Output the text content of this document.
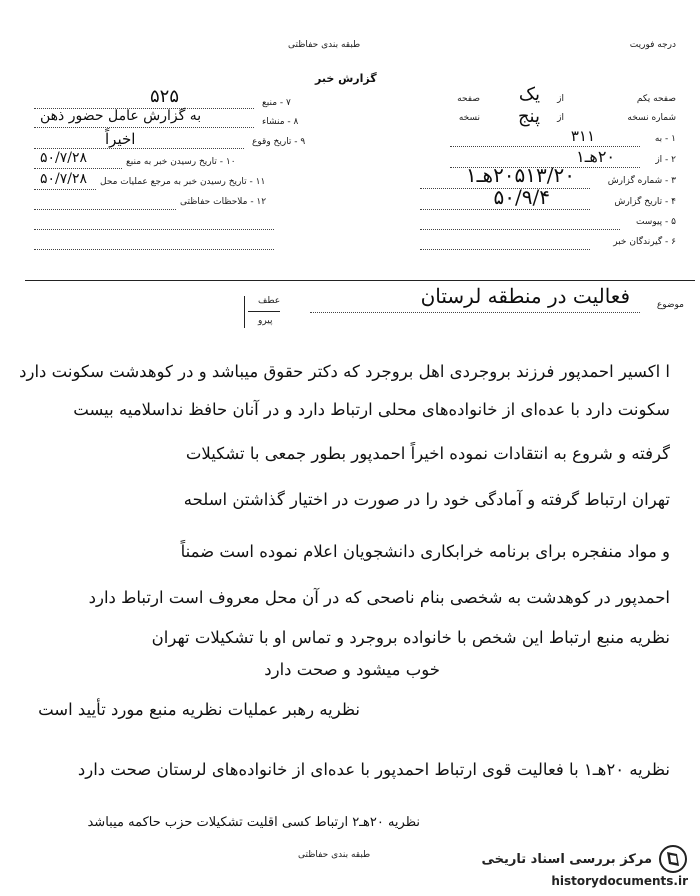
درجه فوریت
طبقه بندی حفاظتی
گزارش خبر
صفحه یکم
شماره نسخه
از
صفحه
از
نسخه
یک
پنج
۱ - به
۳۱۱
۲ - از
۲۰هـ۱
۳ - شماره گزارش
۲۰۵۱۳/۲۰هـ۱
۴ - تاریخ گزارش
۵۰/۹/۴
۵ - پیوست
۶ - گیرندگان خبر
۷ - منبع
۵۲۵
۸ - منشاء
به گزارش عامل حضور ذهن
۹ - تاریخ وقوع
اخیراً
۱۰ - تاریخ رسیدن خبر به منبع
۵۰/۷/۲۸
۱۱ - تاریخ رسیدن خبر به مرجع عملیات محل
۵۰/۷/۲۸
۱۲ - ملاحظات حفاظتی
موضوع
فعالیت در منطقه لرستان
عطف
پیرو
ا اکسیر احمدپور فرزند بروجردی اهل بروجرد که دکتر حقوق میباشد و در کوهدشت سکونت دارد
سکونت دارد با عده‌ای از خانواده‌های محلی ارتباط دارد و در آنان حافظ نداسلامیه بیست
گرفته و شروع به انتقادات نموده اخیراً احمدپور بطور جمعی با تشکیلات
تهران ارتباط گرفته و آمادگی خود را در صورت در اختیار گذاشتن اسلحه
و مواد منفجره برای برنامه خرابکاری دانشجویان اعلام نموده است ضمناً
احمدپور در کوهدشت به شخصی بنام ناصحی که در آن محل معروف است ارتباط دارد
نظریه منبع ارتباط این شخص با خانواده بروجرد و تماس او با تشکیلات تهران
خوب میشود و صحت دارد
نظریه رهبر عملیات نظریه منبع مورد تأیید است
نظریه ۲۰هـ۱ با فعالیت قوی ارتباط احمدپور با عده‌ای از خانواده‌های لرستان صحت دارد
نظریه ۲۰هـ۲ ارتباط کسی اقلیت تشکیلات حزب حاکمه میباشد
طبقه بندی حفاظتی	مرکز بررسی اسناد تاریخی
historydocuments.ir
